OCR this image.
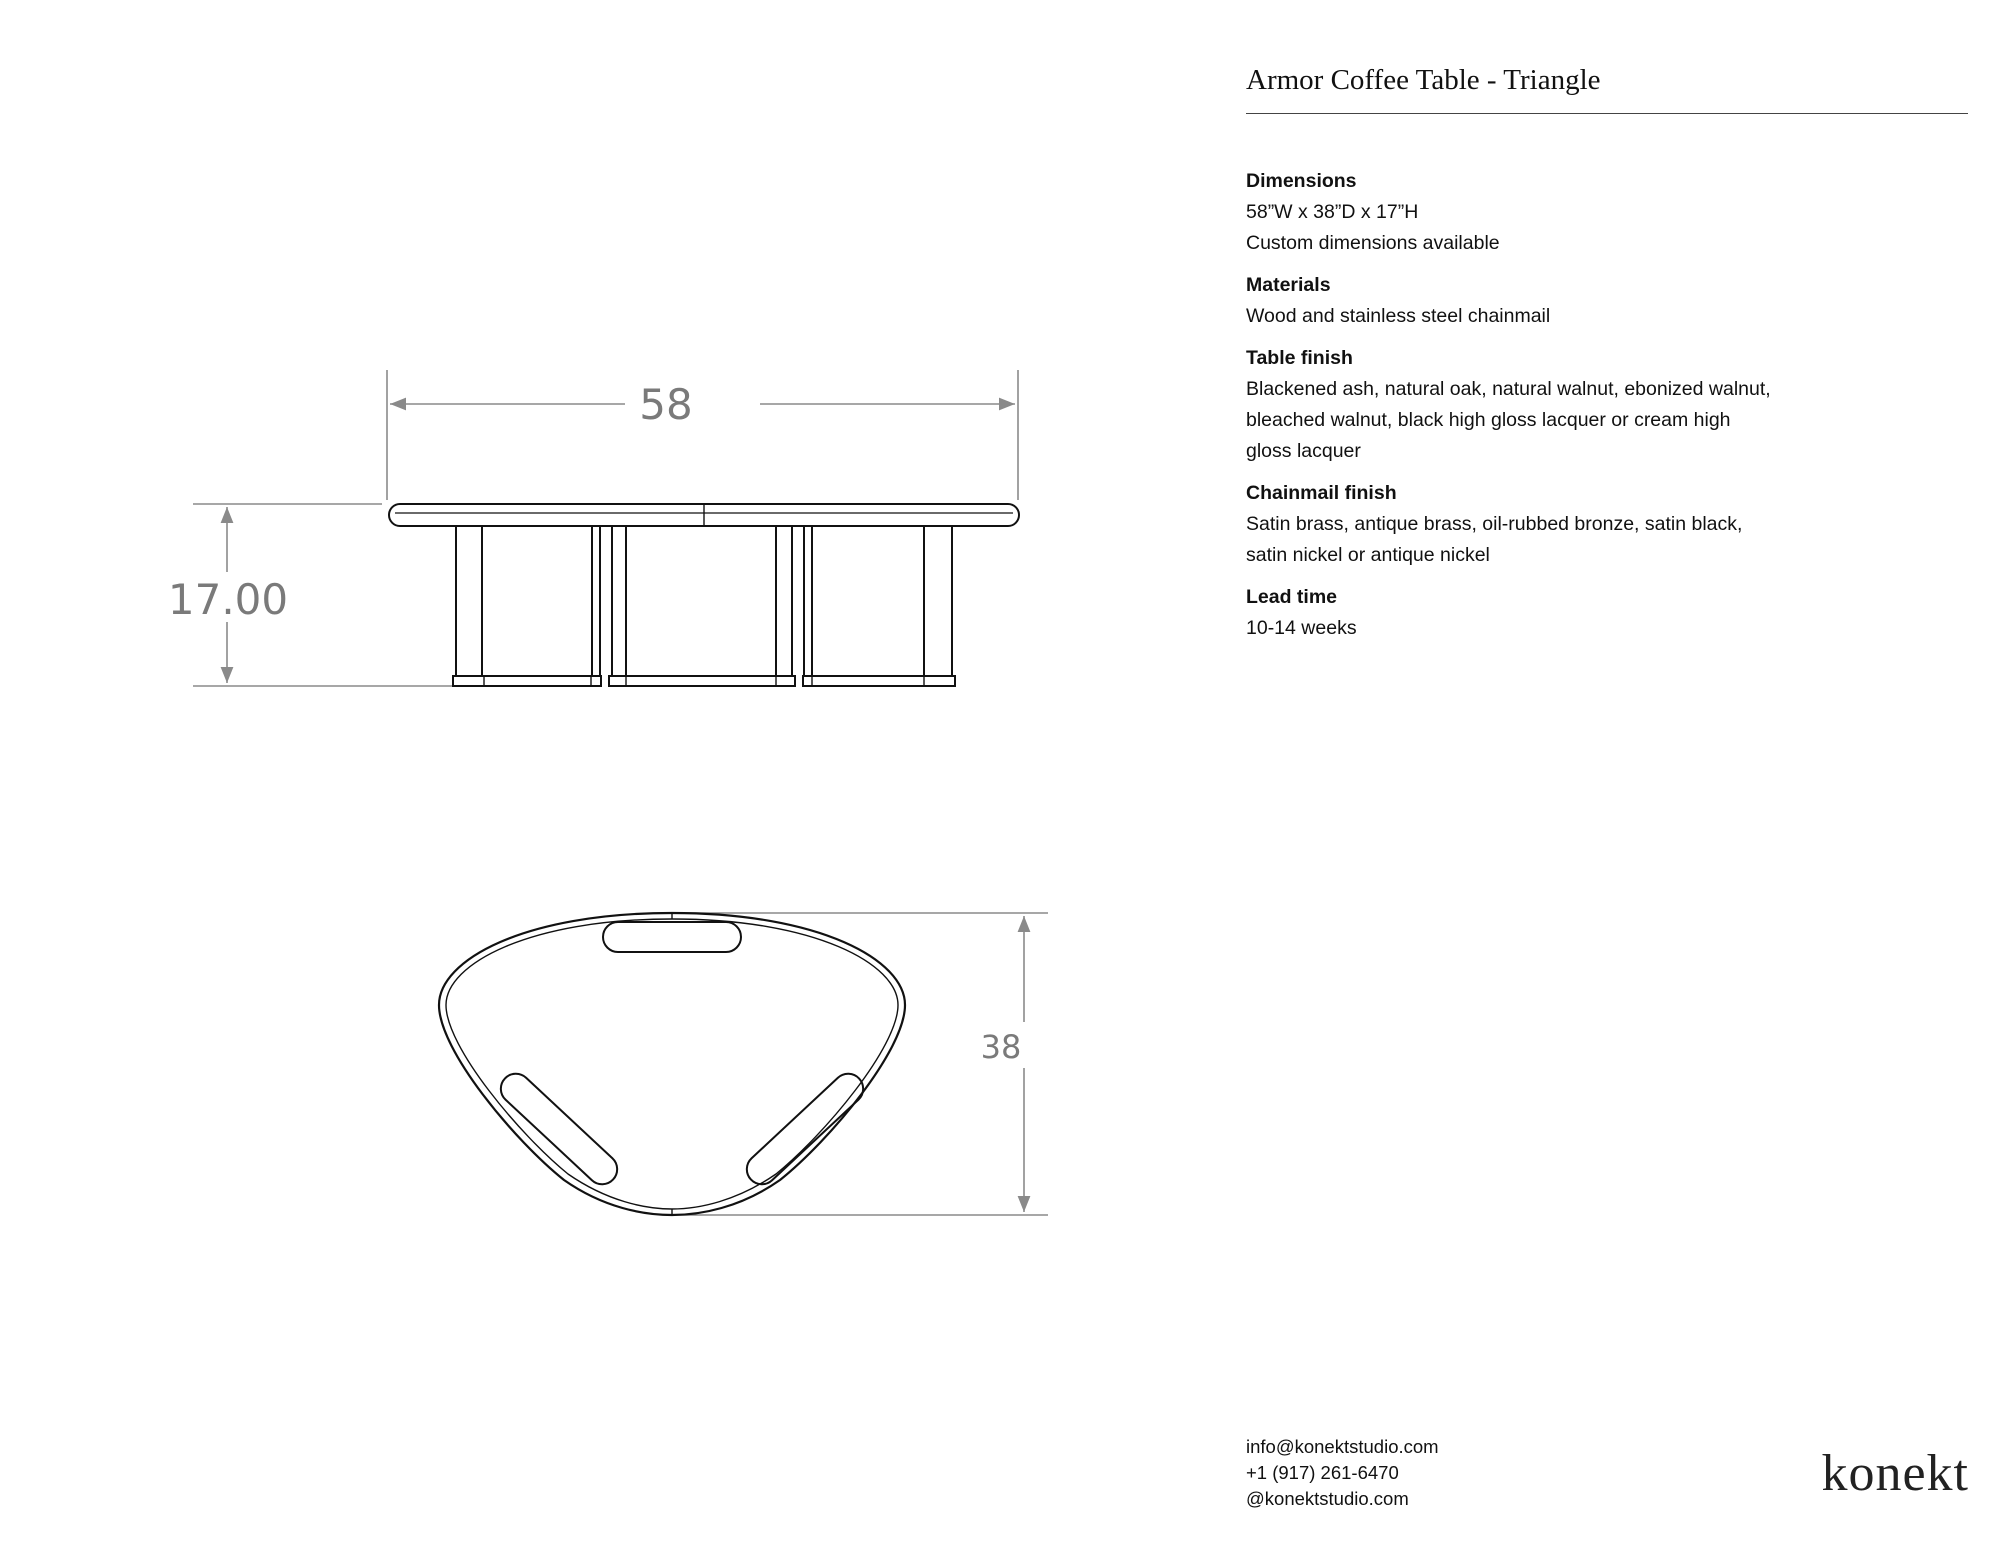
58
17.00
38
Armor Coffee Table - Triangle
Dimensions
58”W x 38”D x 17”H
Custom dimensions available
Materials
Wood and stainless steel chainmail
Table finish
Blackened ash, natural oak, natural walnut, ebonized walnut,
bleached walnut, black high gloss lacquer or cream high
gloss lacquer
Chainmail finish
Satin brass, antique brass, oil-rubbed bronze, satin black,
satin nickel or antique nickel
Lead time
10-14 weeks
info@konektstudio.com
+1 (917) 261-6470
@konektstudio.com	konekt
